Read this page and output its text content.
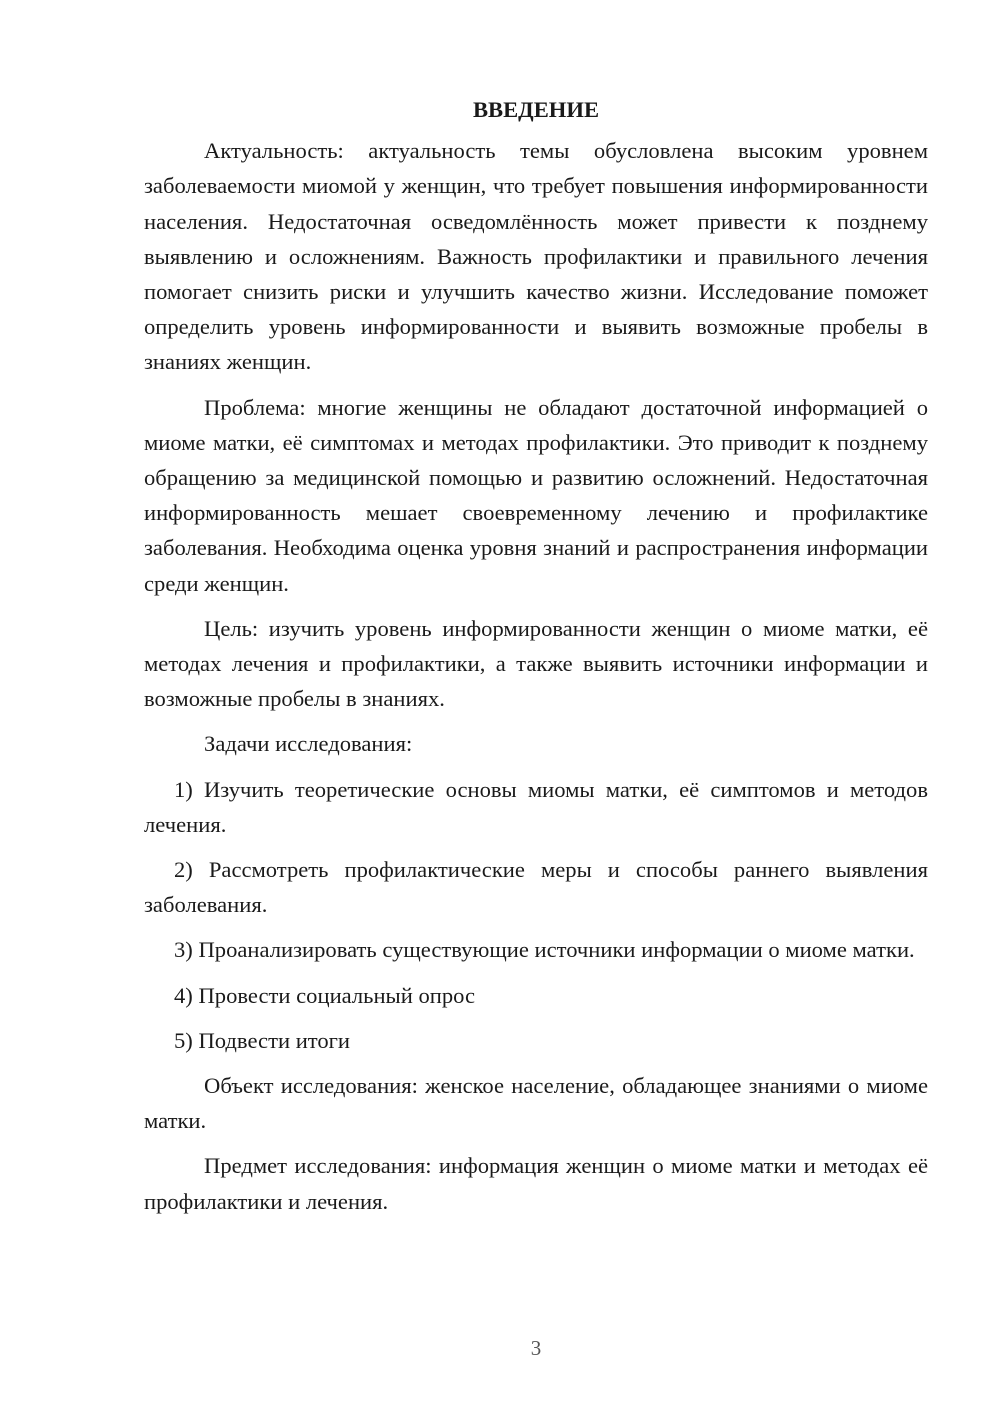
ВВЕДЕНИЕ

Актуальность: актуальность темы обусловлена высоким уровнем заболеваемости миомой у женщин, что требует повышения информированности населения. Недостаточная осведомлённость может привести к позднему выявлению и осложнениям. Важность профилактики и правильного лечения помогает снизить риски и улучшить качество жизни. Исследование поможет определить уровень информированности и выявить возможные пробелы в знаниях женщин.

Проблема: многие женщины не обладают достаточной информацией о миоме матки, её симптомах и методах профилактики. Это приводит к позднему обращению за медицинской помощью и развитию осложнений. Недостаточная информированность мешает своевременному лечению и профилактике заболевания. Необходима оценка уровня знаний и распространения информации среди женщин.

Цель: изучить уровень информированности женщин о миоме матки, её методах лечения и профилактики, а также выявить источники информации и возможные пробелы в знаниях.

Задачи исследования:

1) Изучить теоретические основы миомы матки, её симптомов и методов лечения.

2) Рассмотреть профилактические меры и способы раннего выявления заболевания.

3) Проанализировать существующие источники информации о миоме матки.

4) Провести социальный опрос

5) Подвести итоги

Объект исследования: женское население, обладающее знаниями о миоме матки.

Предмет исследования: информация женщин о миоме матки и методах её профилактики и лечения.

3
